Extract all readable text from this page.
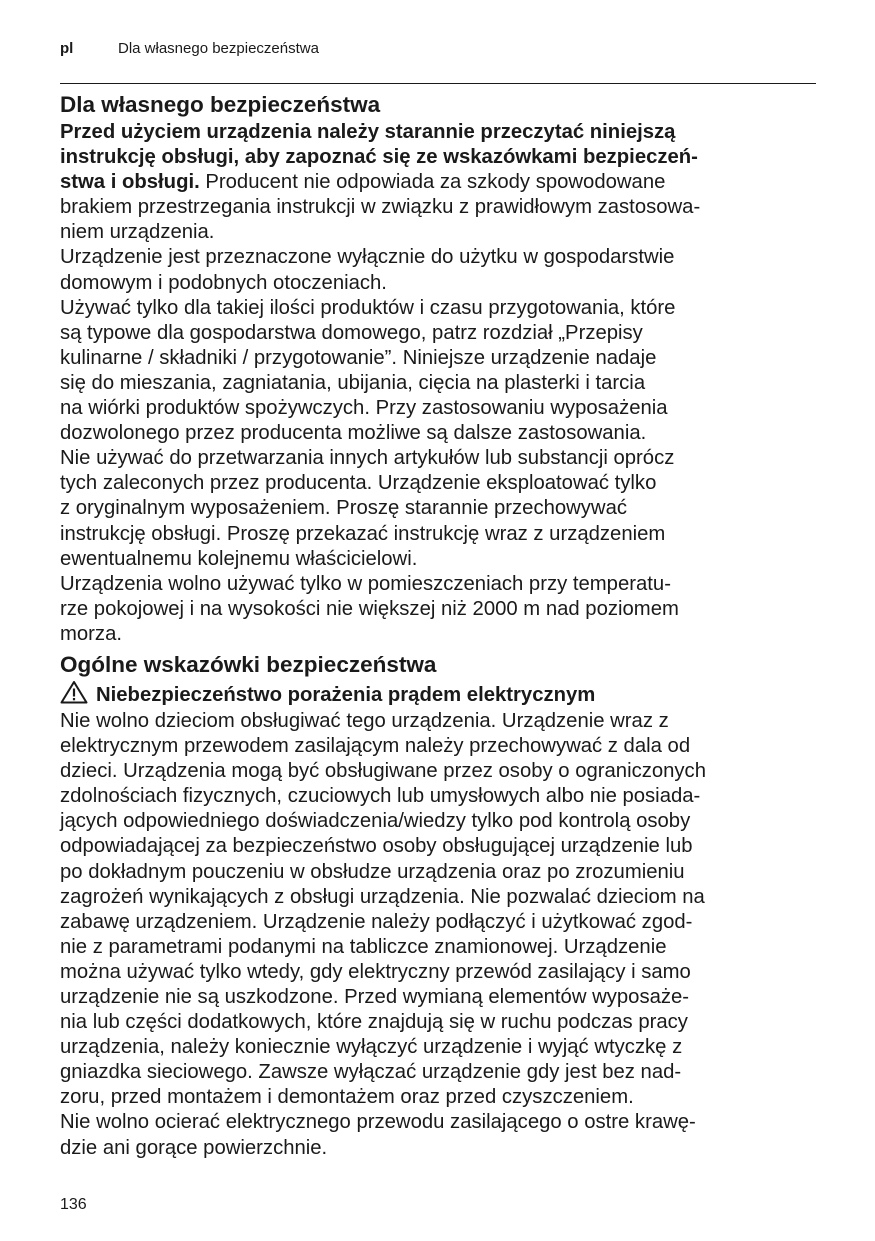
pl	Dla własnego bezpieczeństwa
Dla własnego bezpieczeństwa
Przed użyciem urządzenia należy starannie przeczytać niniejszą
instrukcję obsługi, aby zapoznać się ze wskazówkami bezpieczeń-
stwa i obsługi. Producent nie odpowiada za szkody spowodowane
brakiem przestrzegania instrukcji w związku z prawidłowym zastosowa-
niem urządzenia.
Urządzenie jest przeznaczone wyłącznie do użytku w gospodarstwie
domowym i podobnych otoczeniach.
Używać tylko dla takiej ilości produktów i czasu przygotowania, które
są typowe dla gospodarstwa domowego, patrz rozdział „Przepisy
kulinarne / składniki / przygotowanie”. Niniejsze urządzenie nadaje
się do mieszania, zagniatania, ubijania, cięcia na plasterki i tarcia
na wiórki produktów spożywczych. Przy zastosowaniu wyposażenia
dozwolonego przez producenta możliwe są dalsze zastosowania.
Nie używać do przetwarzania innych artykułów lub substancji oprócz
tych zaleconych przez producenta. Urządzenie eksploatować tylko
z oryginalnym wyposażeniem. Proszę starannie przechowywać
instrukcję obsługi. Proszę przekazać instrukcję wraz z urządzeniem
ewentualnemu kolejnemu właścicielowi.
Urządzenia wolno używać tylko w pomieszczeniach przy temperatu-
rze pokojowej i na wysokości nie większej niż 2000 m nad poziomem
morza.
Ogólne wskazówki bezpieczeństwa
Niebezpieczeństwo porażenia prądem elektrycznym
Nie wolno dzieciom obsługiwać tego urządzenia. Urządzenie wraz z
elektrycznym przewodem zasilającym należy przechowywać z dala od
dzieci. Urządzenia mogą być obsługiwane przez osoby o ograniczonych
zdolnościach fizycznych, czuciowych lub umysłowych albo nie posiada-
jących odpowiedniego doświadczenia/wiedzy tylko pod kontrolą osoby
odpowiadającej za bezpieczeństwo osoby obsługującej urządzenie lub
po dokładnym pouczeniu w obsłudze urządzenia oraz po zrozumieniu
zagrożeń wynikających z obsługi urządzenia. Nie pozwalać dzieciom na
zabawę urządzeniem. Urządzenie należy podłączyć i użytkować zgod-
nie z parametrami podanymi na tabliczce znamionowej. Urządzenie
można używać tylko wtedy, gdy elektryczny przewód zasilający i samo
urządzenie nie są uszkodzone. Przed wymianą elementów wyposaże-
nia lub części dodatkowych, które znajdują się w ruchu podczas pracy
urządzenia, należy koniecznie wyłączyć urządzenie i wyjąć wtyczkę z
gniazdka sieciowego. Zawsze wyłączać urządzenie gdy jest bez nad-
zoru, przed montażem i demontażem oraz przed czyszczeniem.
Nie wolno ocierać elektrycznego przewodu zasilającego o ostre krawę-
dzie ani gorące powierzchnie.
136
